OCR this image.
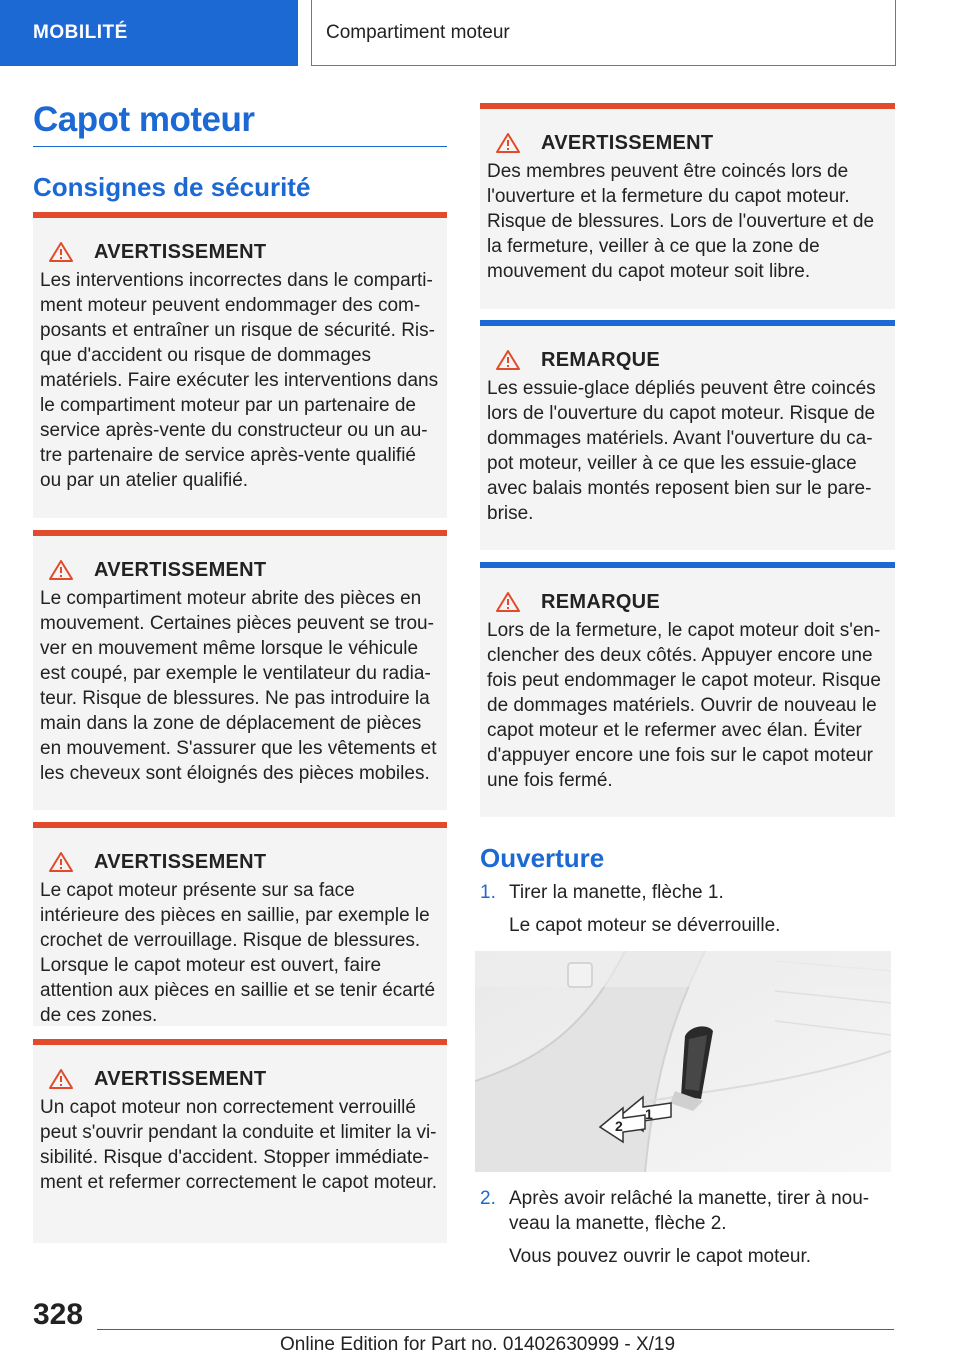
MOBILITÉ	Compartiment moteur
Capot moteur
Consignes de sécurité
AVERTISSEMENT
Les interventions incorrectes dans le compartiment moteur peuvent endommager des composants et entraîner un risque de sécurité. Risque d'accident ou risque de dommages matériels. Faire exécuter les interventions dans le compartiment moteur par un partenaire de service après-vente du constructeur ou un autre partenaire de service après-vente qualifié ou par un atelier qualifié.
AVERTISSEMENT
Le compartiment moteur abrite des pièces en mouvement. Certaines pièces peuvent se trouver en mouvement même lorsque le véhicule est coupé, par exemple le ventilateur du radiateur. Risque de blessures. Ne pas introduire la main dans la zone de déplacement de pièces en mouvement. S'assurer que les vêtements et les cheveux sont éloignés des pièces mobiles.
AVERTISSEMENT
Le capot moteur présente sur sa face intérieure des pièces en saillie, par exemple le crochet de verrouillage. Risque de blessures. Lorsque le capot moteur est ouvert, faire attention aux pièces en saillie et se tenir écarté de ces zones.
AVERTISSEMENT
Un capot moteur non correctement verrouillé peut s'ouvrir pendant la conduite et limiter la visibilité. Risque d'accident. Stopper immédiatement et refermer correctement le capot moteur.
AVERTISSEMENT
Des membres peuvent être coincés lors de l'ouverture et la fermeture du capot moteur. Risque de blessures. Lors de l'ouverture et de la fermeture, veiller à ce que la zone de mouvement du capot moteur soit libre.
REMARQUE
Les essuie-glace dépliés peuvent être coincés lors de l'ouverture du capot moteur. Risque de dommages matériels. Avant l'ouverture du capot moteur, veiller à ce que les essuie-glace avec balais montés reposent bien sur le pare-brise.
REMARQUE
Lors de la fermeture, le capot moteur doit s'enclencher des deux côtés. Appuyer encore une fois peut endommager le capot moteur. Risque de dommages matériels. Ouvrir de nouveau le capot moteur et le refermer avec élan. Éviter d'appuyer encore une fois sur le capot moteur une fois fermé.
Ouverture
1. Tirer la manette, flèche 1.
Le capot moteur se déverrouille.
1
2
2. Après avoir relâché la manette, tirer à nouveau la manette, flèche 2.
Vous pouvez ouvrir le capot moteur.
328
Online Edition for Part no. 01402630999 - X/19
